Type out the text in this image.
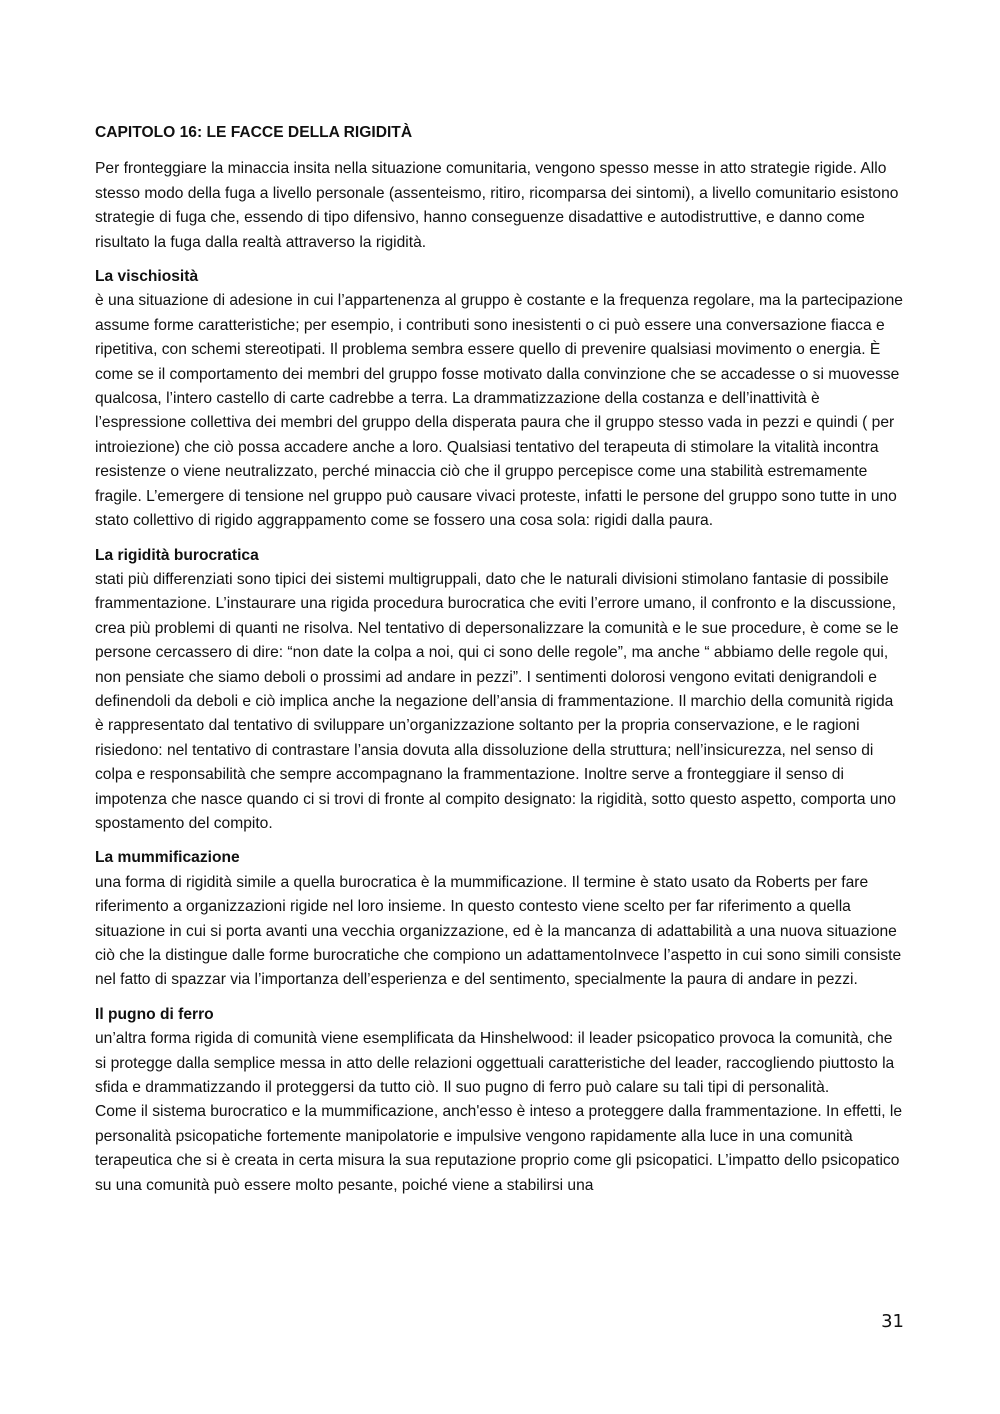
CAPITOLO 16: LE FACCE DELLA RIGIDITÀ
Per fronteggiare la minaccia insita nella situazione comunitaria, vengono spesso messe in atto strategie rigide. Allo stesso modo della fuga a livello personale (assenteismo, ritiro, ricomparsa dei sintomi), a livello comunitario esistono strategie di fuga che, essendo di tipo difensivo, hanno conseguenze disadattive e autodistruttive, e danno come risultato la fuga dalla realtà attraverso la rigidità.
La vischiosità
è una situazione di adesione in cui l’appartenenza al gruppo è costante e la frequenza regolare, ma la partecipazione assume forme caratteristiche; per esempio, i contributi sono inesistenti o ci può essere una conversazione fiacca e ripetitiva, con schemi stereotipati. Il problema sembra essere quello di prevenire qualsiasi movimento o energia. È come se il comportamento dei membri del gruppo fosse motivato dalla convinzione che se accadesse o si muovesse qualcosa, l’intero castello di carte cadrebbe a terra. La drammatizzazione della costanza e dell’inattività è l’espressione collettiva dei membri del gruppo della disperata paura che il gruppo stesso vada in pezzi e quindi ( per introiezione) che ciò possa accadere anche a loro. Qualsiasi tentativo del terapeuta di stimolare la vitalità incontra resistenze o viene neutralizzato, perché minaccia ciò che il gruppo percepisce come una stabilità estremamente fragile. L’emergere di tensione nel gruppo può causare vivaci proteste, infatti le persone del gruppo sono tutte in uno stato collettivo di rigido aggrappamento come se fossero una cosa sola: rigidi dalla paura.
La rigidità burocratica
stati più differenziati sono tipici dei sistemi multigruppali, dato che le naturali divisioni stimolano fantasie di possibile frammentazione. L’instaurare una rigida procedura burocratica che eviti l’errore umano, il confronto e la discussione, crea più problemi di quanti ne risolva. Nel tentativo di depersonalizzare la comunità e le sue procedure, è come se le persone cercassero di dire: “non date la colpa a noi, qui ci sono delle regole”, ma anche “ abbiamo delle regole qui, non pensiate che siamo deboli o prossimi ad andare in pezzi”. I sentimenti dolorosi vengono evitati denigrandoli e definendoli da deboli e ciò implica anche la negazione dell’ansia di frammentazione. Il marchio della comunità rigida è rappresentato dal tentativo di sviluppare un’organizzazione soltanto per la propria conservazione, e le ragioni risiedono: nel tentativo di contrastare l’ansia dovuta alla dissoluzione della struttura; nell’insicurezza, nel senso di colpa e responsabilità che sempre accompagnano la frammentazione. Inoltre serve a fronteggiare il senso di impotenza che nasce quando ci si trovi di fronte al compito designato: la rigidità, sotto questo aspetto, comporta uno spostamento del compito.
La mummificazione
una forma di rigidità simile a quella burocratica è la mummificazione. Il termine è stato usato da Roberts per fare riferimento a organizzazioni rigide nel loro insieme. In questo contesto viene scelto per far riferimento a quella situazione in cui si porta avanti una vecchia organizzazione, ed è la mancanza di adattabilità a una nuova situazione ciò che la distingue dalle forme burocratiche che compiono un adattamentoInvece l’aspetto in cui sono simili consiste nel fatto di spazzar via l’importanza dell’esperienza e del sentimento, specialmente la paura di andare in pezzi.
Il pugno di ferro
un’altra forma rigida di comunità viene esemplificata da Hinshelwood: il leader psicopatico provoca la comunità, che si protegge dalla semplice messa in atto delle relazioni oggettuali caratteristiche del leader, raccogliendo piuttosto la sfida e drammatizzando il proteggersi da tutto ciò. Il suo pugno di ferro può calare su tali tipi di personalità.
Come il sistema burocratico e la mummificazione, anch'esso è inteso a proteggere dalla frammentazione. In effetti, le personalità psicopatiche fortemente manipolatorie e impulsive vengono rapidamente alla luce in una comunità terapeutica che si è creata in certa misura la sua reputazione proprio come gli psicopatici. L’impatto dello psicopatico su una comunità può essere molto pesante, poiché viene a stabilirsi una
31
